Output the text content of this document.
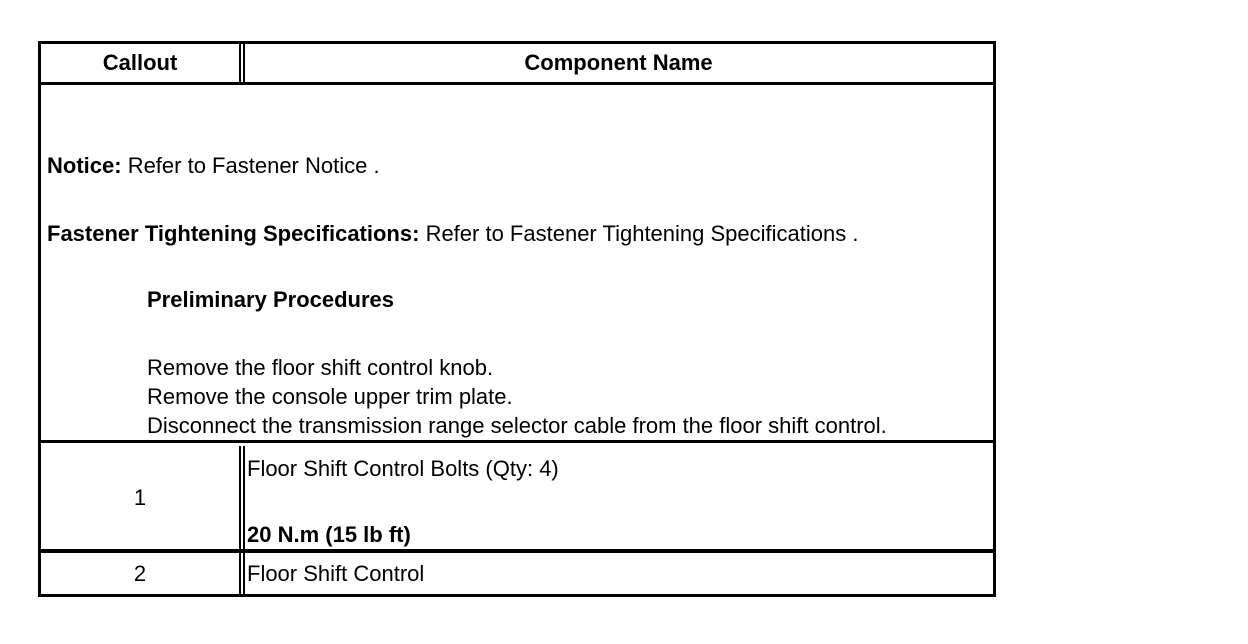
Callout	Component Name
Notice: Refer to Fastener Notice .
Fastener Tightening Specifications: Refer to Fastener Tightening Specifications .
Preliminary Procedures
Remove the floor shift control knob.
Remove the console upper trim plate.
Disconnect the transmission range selector cable from the floor shift control.
1
Floor Shift Control Bolts (Qty: 4)
20 N.m (15 lb ft)
2	Floor Shift Control
